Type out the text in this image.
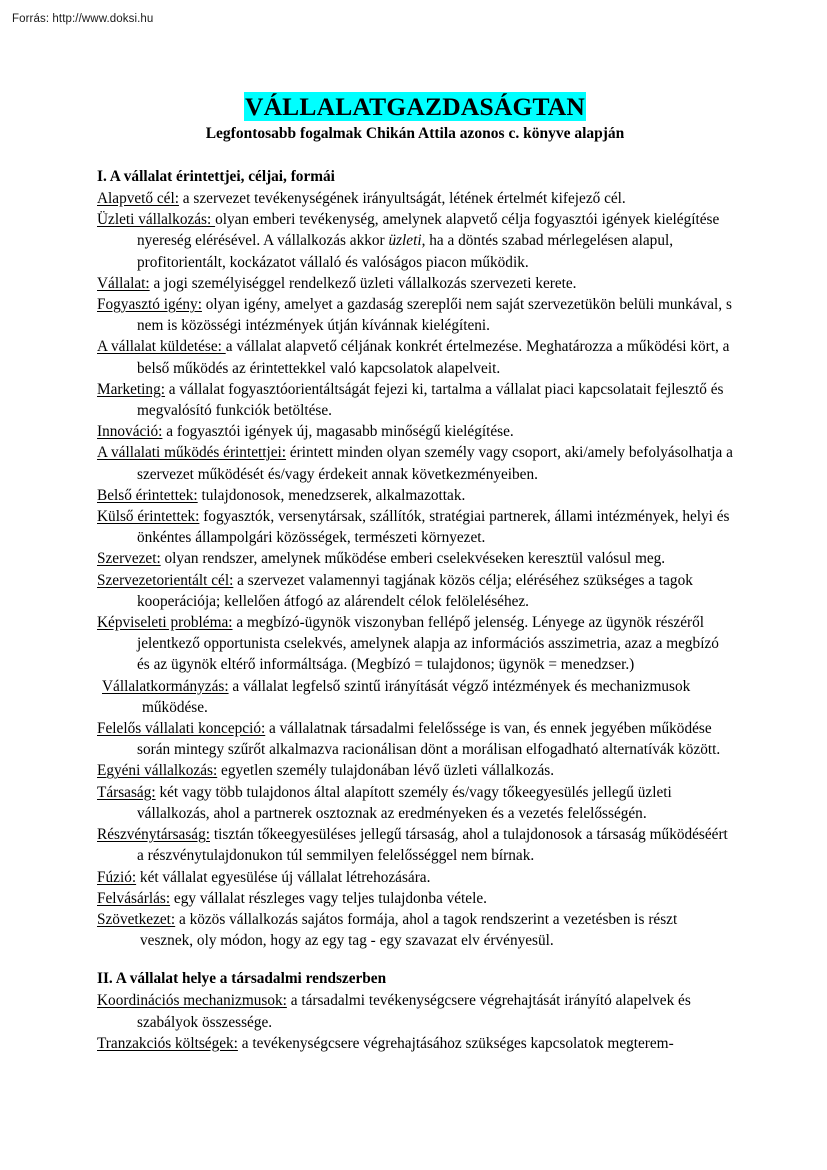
Forrás: http://www.doksi.hu
VÁLLALATGAZDASÁGTAN
Legfontosabb fogalmak Chikán Attila azonos c. könyve alapján
I. A vállalat érintettjei, céljai, formái
Alapvető cél: a szervezet tevékenységének irányultságát, létének értelmét kifejező cél.
Üzleti vállalkozás: olyan emberi tevékenység, amelynek alapvető célja fogyasztói igények kielégítése nyereség elérésével. A vállalkozás akkor üzleti, ha a döntés szabad mérlegelésen alapul, profitorientált, kockázatot vállaló és valóságos piacon működik.
Vállalat: a jogi személyiséggel rendelkező üzleti vállalkozás szervezeti kerete.
Fogyasztó igény: olyan igény, amelyet a gazdaság szereplői nem saját szervezetükön belüli munkával, s nem is közösségi intézmények útján kívánnak kielégíteni.
A vállalat küldetése: a vállalat alapvető céljának konkrét értelmezése. Meghatározza a működési kört, a belső működés az érintettekkel való kapcsolatok alapelveit.
Marketing: a vállalat fogyasztóorientáltságát fejezi ki, tartalma a vállalat piaci kapcsolatait fejlesztő és megvalósító funkciók betöltése.
Innováció: a fogyasztói igények új, magasabb minőségű kielégítése.
A vállalati működés érintettjei: érintett minden olyan személy vagy csoport, aki/amely befolyásolhatja a szervezet működését és/vagy érdekeit annak következményeiben.
Belső érintettek: tulajdonosok, menedzserek, alkalmazottak.
Külső érintettek: fogyasztók, versenytársak, szállítók, stratégiai partnerek, állami intézmények, helyi és önkéntes állampolgári közösségek, természeti környezet.
Szervezet: olyan rendszer, amelynek működése emberi cselekvéseken keresztül valósul meg.
Szervezetorientált cél: a szervezet valamennyi tagjának közös célja; eléréséhez szükséges a tagok kooperációja; kellelően átfogó az alárendelt célok felöleléséhez.
Képviseleti probléma: a megbízó-ügynök viszonyban fellépő jelenség. Lényege az ügynök részéről jelentkező opportunista cselekvés, amelynek alapja az információs asszimetria, azaz a megbízó és az ügynök eltérő informáltsága. (Megbízó = tulajdonos; ügynök = menedzser.)
Vállalatkormányzás: a vállalat legfelső szintű irányítását végző intézmények és mechanizmusok működése.
Felelős vállalati koncepció: a vállalatnak társadalmi felelőssége is van, és ennek jegyében működése során mintegy szűrőt alkalmazva racionálisan dönt a morálisan elfogadható alternatívák között.
Egyéni vállalkozás: egyetlen személy tulajdonában lévő üzleti vállalkozás.
Társaság: két vagy több tulajdonos által alapított személy és/vagy tőkeegyesülés jellegű üzleti vállalkozás, ahol a partnerek osztoznak az eredményeken és a vezetés felelősségén.
Részvénytársaság: tisztán tőkeegyesüléses jellegű társaság, ahol a tulajdonosok a társaság működéséért a részvénytulajdonukon túl semmilyen felelősséggel nem bírnak.
Fúzió: két vállalat egyesülése új vállalat létrehozására.
Felvásárlás: egy vállalat részleges vagy teljes tulajdonba vétele.
Szövetkezet: a közös vállalkozás sajátos formája, ahol a tagok rendszerint a vezetésben is részt
vesznek, oly módon, hogy az egy tag - egy szavazat elv érvényesül.
II. A vállalat helye a társadalmi rendszerben
Koordinációs mechanizmusok: a társadalmi tevékenységcsere végrehajtását irányító alapelvek és szabályok összessége.
Tranzakciós költségek: a tevékenységcsere végrehajtásához szükséges kapcsolatok megterem-
